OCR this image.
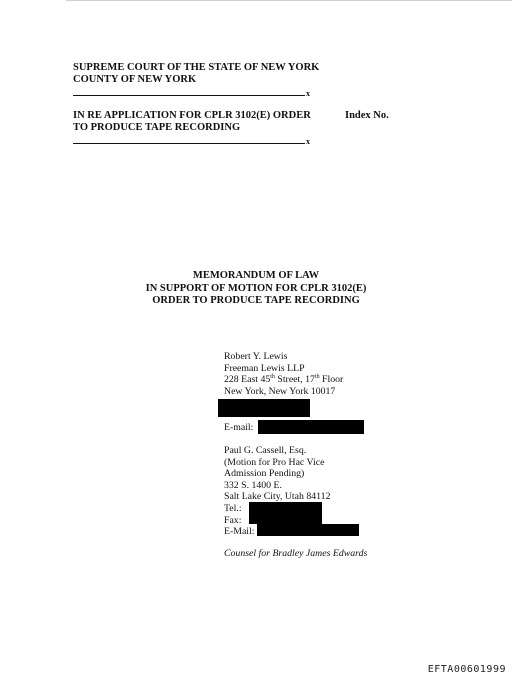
SUPREME COURT OF THE STATE OF NEW YORK
COUNTY OF NEW YORK
x
IN RE APPLICATION FOR CPLR 3102(E) ORDER
TO PRODUCE TAPE RECORDING
Index No.
x
MEMORANDUM OF LAW
IN SUPPORT OF MOTION FOR CPLR 3102(E)
ORDER TO PRODUCE TAPE RECORDING
Robert Y. Lewis
Freeman Lewis LLP
228 East 45th Street, 17th Floor
New York, New York 10017
E-mail:
Paul G. Cassell, Esq.
(Motion for Pro Hac Vice
Admission Pending)
332 S. 1400 E.
Salt Lake City, Utah 84112
Tel.:
Fax:
E-Mail:
Counsel for Bradley James Edwards
EFTA00601999
